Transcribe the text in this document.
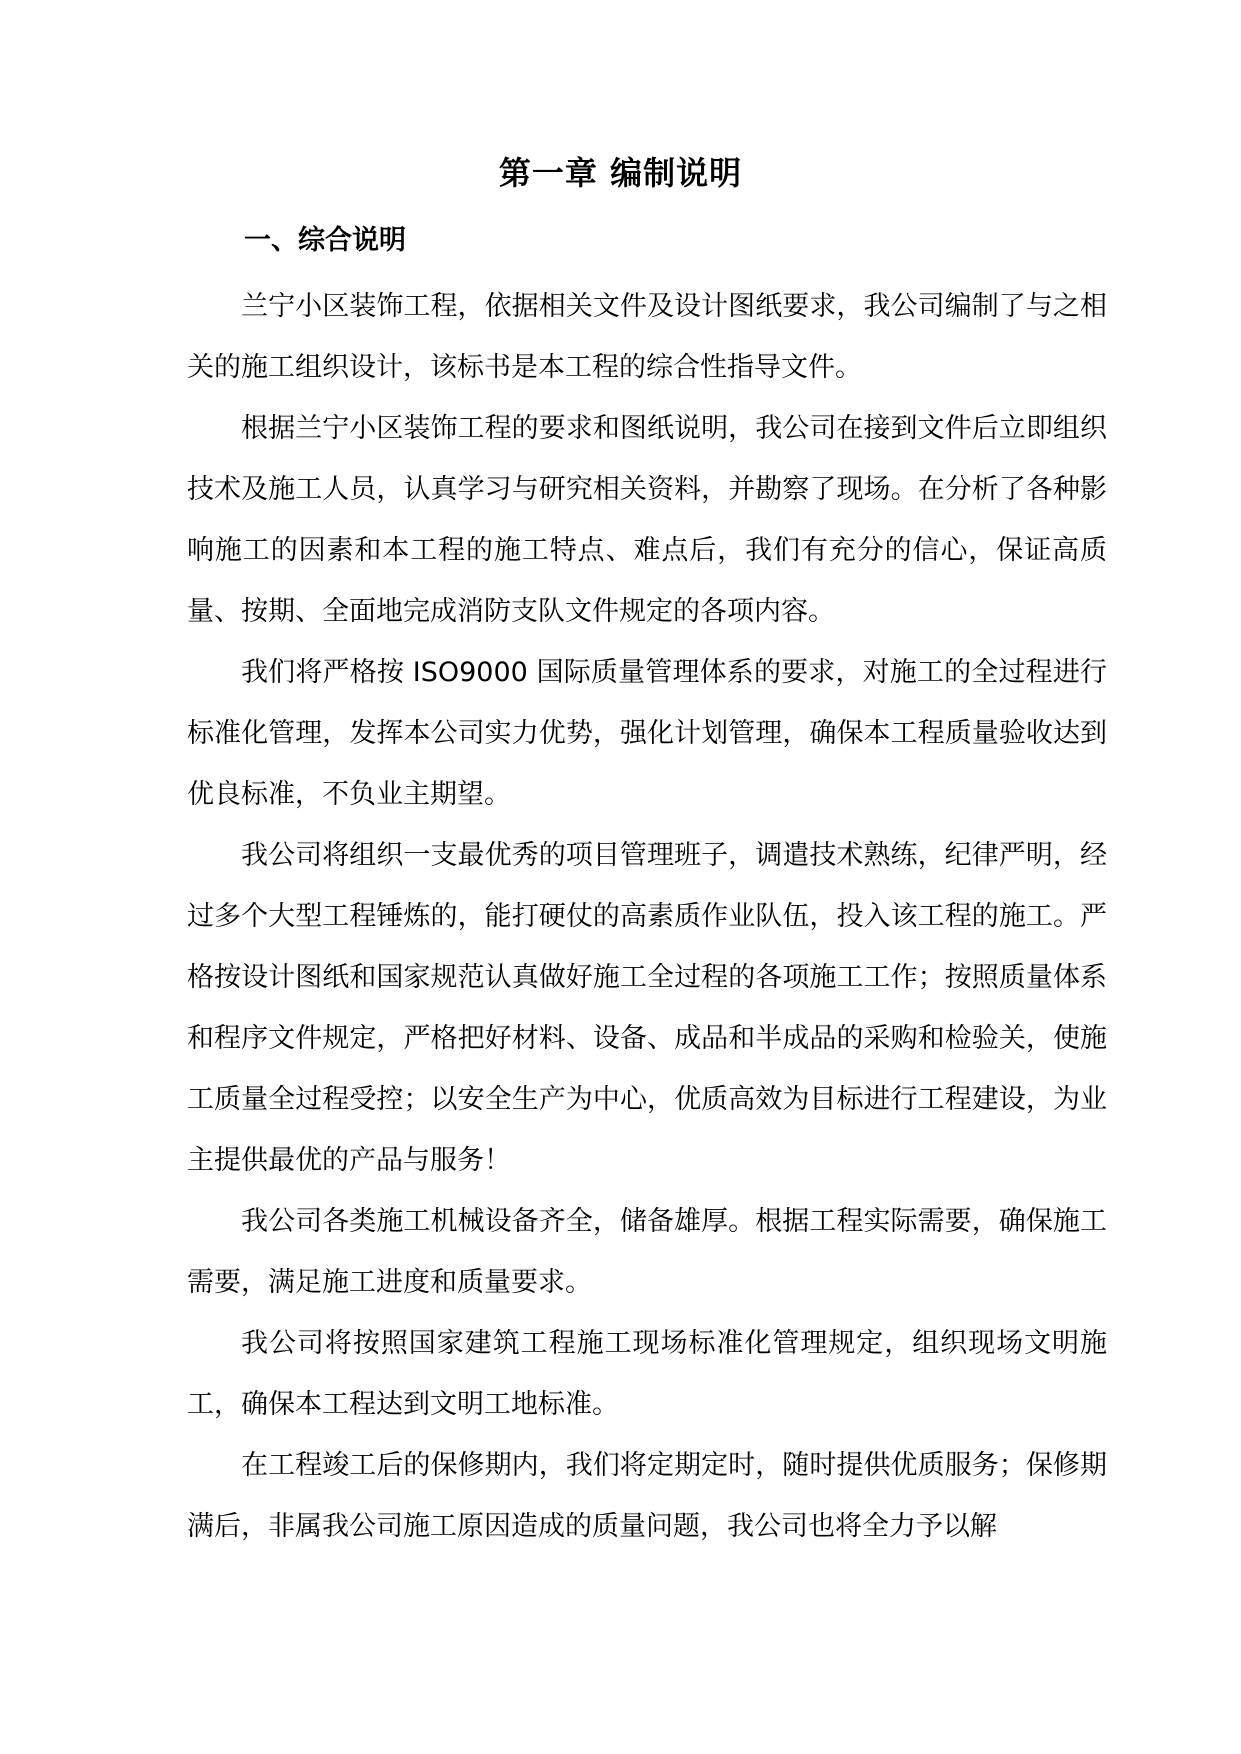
第一章 编制说明
一、综合说明

兰宁小区装饰工程，依据相关文件及设计图纸要求，我公司编制了与之相关的施工组织设计，该标书是本工程的综合性指导文件。

根据兰宁小区装饰工程的要求和图纸说明，我公司在接到文件后立即组织技术及施工人员，认真学习与研究相关资料，并勘察了现场。在分析了各种影响施工的因素和本工程的施工特点、难点后，我们有充分的信心，保证高质量、按期、全面地完成消防支队文件规定的各项内容。

我们将严格按 ISO9000 国际质量管理体系的要求，对施工的全过程进行标准化管理，发挥本公司实力优势，强化计划管理，确保本工程质量验收达到优良标准，不负业主期望。

我公司将组织一支最优秀的项目管理班子，调遣技术熟练，纪律严明，经过多个大型工程锤炼的，能打硬仗的高素质作业队伍，投入该工程的施工。严格按设计图纸和国家规范认真做好施工全过程的各项施工工作；按照质量体系和程序文件规定，严格把好材料、设备、成品和半成品的采购和检验关，使施工质量全过程受控；以安全生产为中心，优质高效为目标进行工程建设，为业主提供最优的产品与服务！

我公司各类施工机械设备齐全，储备雄厚。根据工程实际需要，确保施工需要，满足施工进度和质量要求。

我公司将按照国家建筑工程施工现场标准化管理规定，组织现场文明施工，确保本工程达到文明工地标准。

在工程竣工后的保修期内，我们将定期定时，随时提供优质服务；保修期满后，非属我公司施工原因造成的质量问题，我公司也将全力予以解
